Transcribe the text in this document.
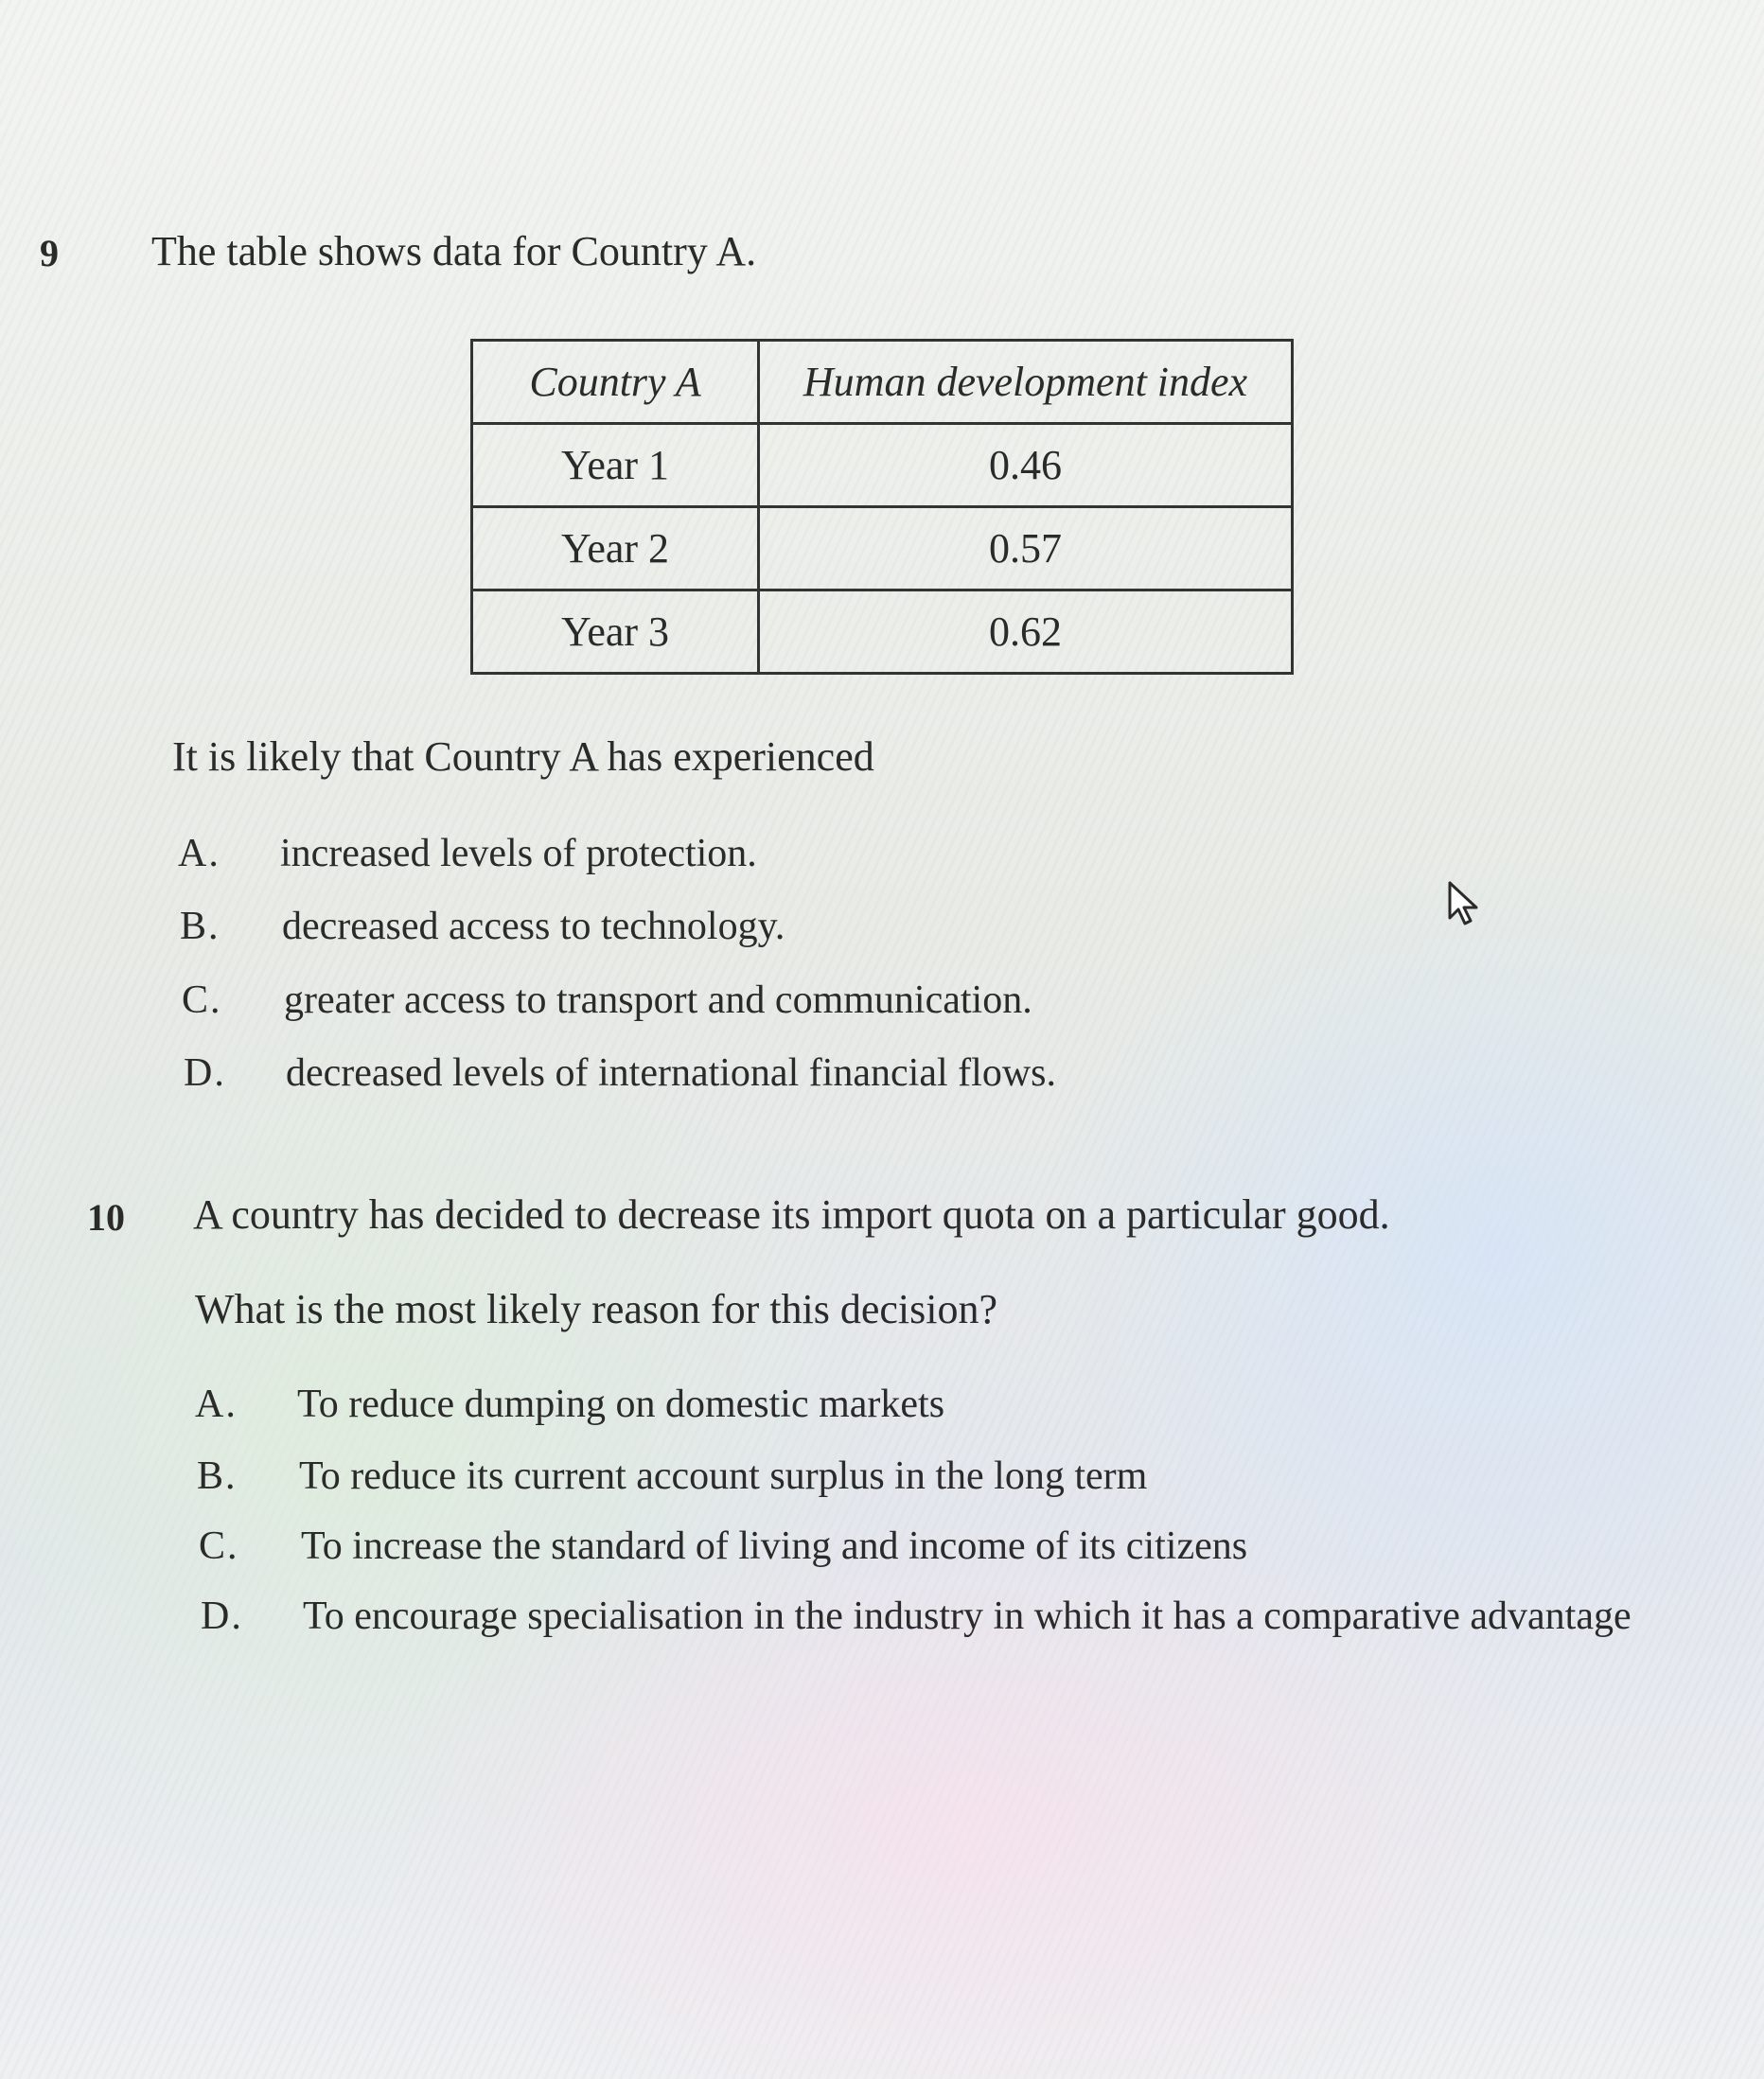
9 The table shows data for Country A.
Country A	Human development index
Year 1	0.46
Year 2	0.57
Year 3	0.62
It is likely that Country A has experienced
A. increased levels of protection.
B. decreased access to technology.
C. greater access to transport and communication.
D. decreased levels of international financial flows.
10 A country has decided to decrease its import quota on a particular good.
What is the most likely reason for this decision?
A. To reduce dumping on domestic markets
B. To reduce its current account surplus in the long term
C. To increase the standard of living and income of its citizens
D. To encourage specialisation in the industry in which it has a comparative advantage
